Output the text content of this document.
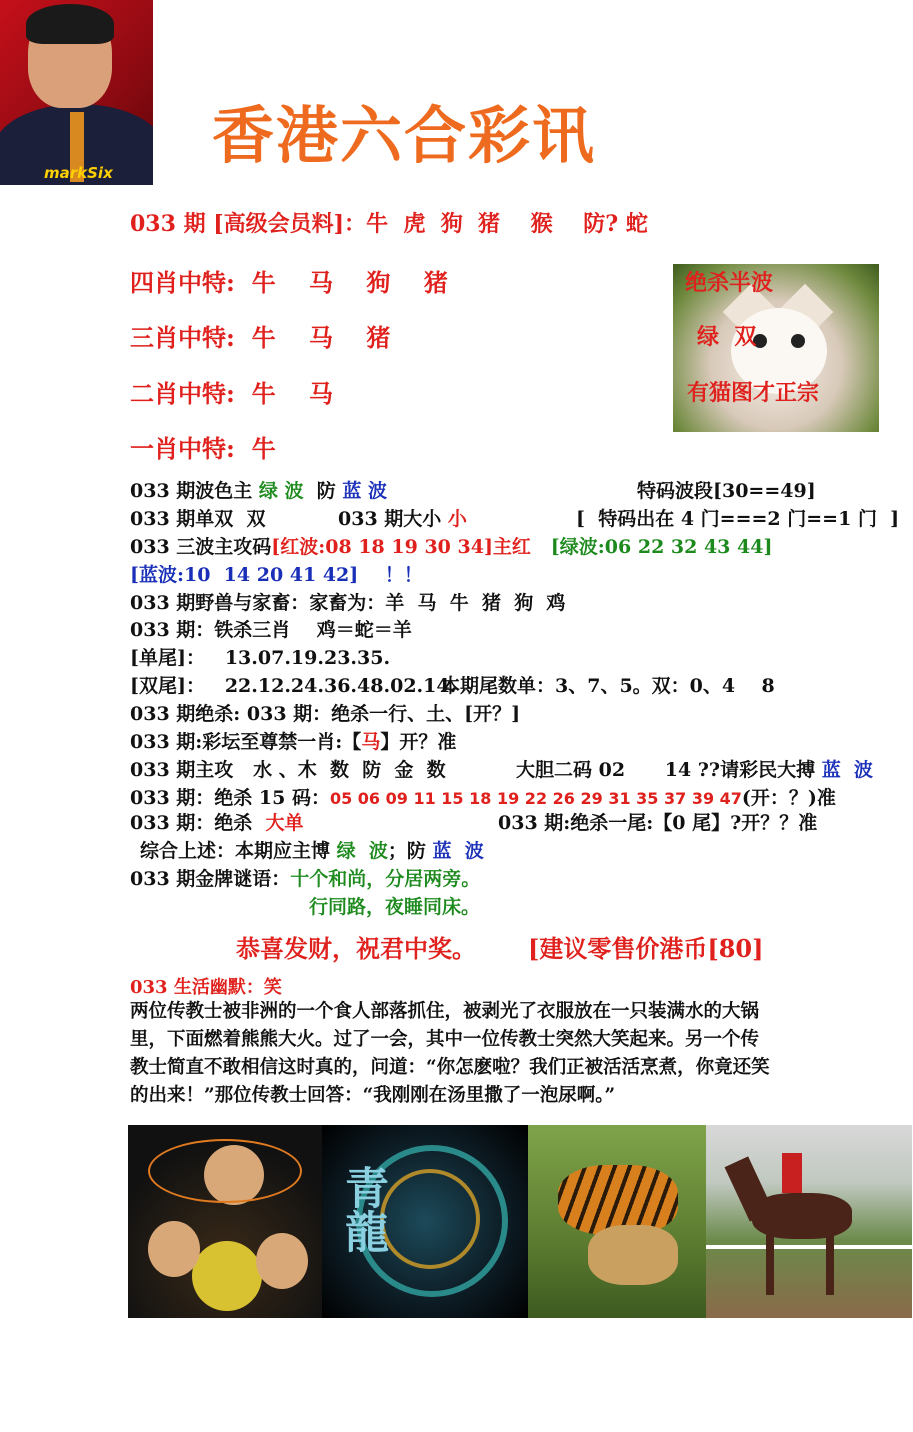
markSix
香港六合彩讯
033 期 [高级会员料]：牛  虎  狗  猪    猴    防? 蛇
四肖中特: 牛    马    狗    猪
三肖中特: 牛    马    猪
二肖中特: 牛    马
一肖中特: 牛
绝杀半波
绿  双
有猫图才正宗
033 期波色主 绿 波  防 蓝 波	特码波段[30==49]
033 期单双  双	033 期大小 小	[  特码出在 4 门===2 门==1 门  ]
033 三波主攻码[红波:08 18 19 30 34]主红 [绿波:06 22 32 43 44]
[蓝波:10  14 20 41 42] ！！
033 期野兽与家畜：家畜为：羊  马  牛  猪  狗  鸡
033 期：铁杀三肖    鸡＝蛇＝羊
[单尾]：   13.07.19.23.35.
[双尾]：   22.12.24.36.48.02.14.
本期尾数单：3、7、5。双：0、4    8
033 期绝杀: 033 期：绝杀一行、土、[开？]
033 期:彩坛至尊禁一肖:【马】开？准
033 期主攻   水 、木  数  防  金  数	大胆二码 02      14 ??请彩民大搏 蓝  波
033 期：绝杀 15 码：05 06 09 11 15 18 19 22 26 29 31 35 37 39 47(开：？)准
033 期：绝杀  大单	033 期:绝杀一尾:【0 尾】?开？？准
综合上述：本期应主博 绿  波；防 蓝  波
033 期金牌谜语：十个和尚，分居两旁。
行同路，夜睡同床。
恭喜发财，祝君中奖。 [建议零售价港币[80]
033 生活幽默：笑
两位传教士被非洲的一个食人部落抓住，被剥光了衣服放在一只装满水的大锅
里，下面燃着熊熊大火。过了一会，其中一位传教士突然大笑起来。另一个传
教士简直不敢相信这时真的，问道：“你怎麽啦？我们正被活活烹煮，你竟还笑
的出来！”那位传教士回答：“我刚刚在汤里撒了一泡尿啊。”
青龍
